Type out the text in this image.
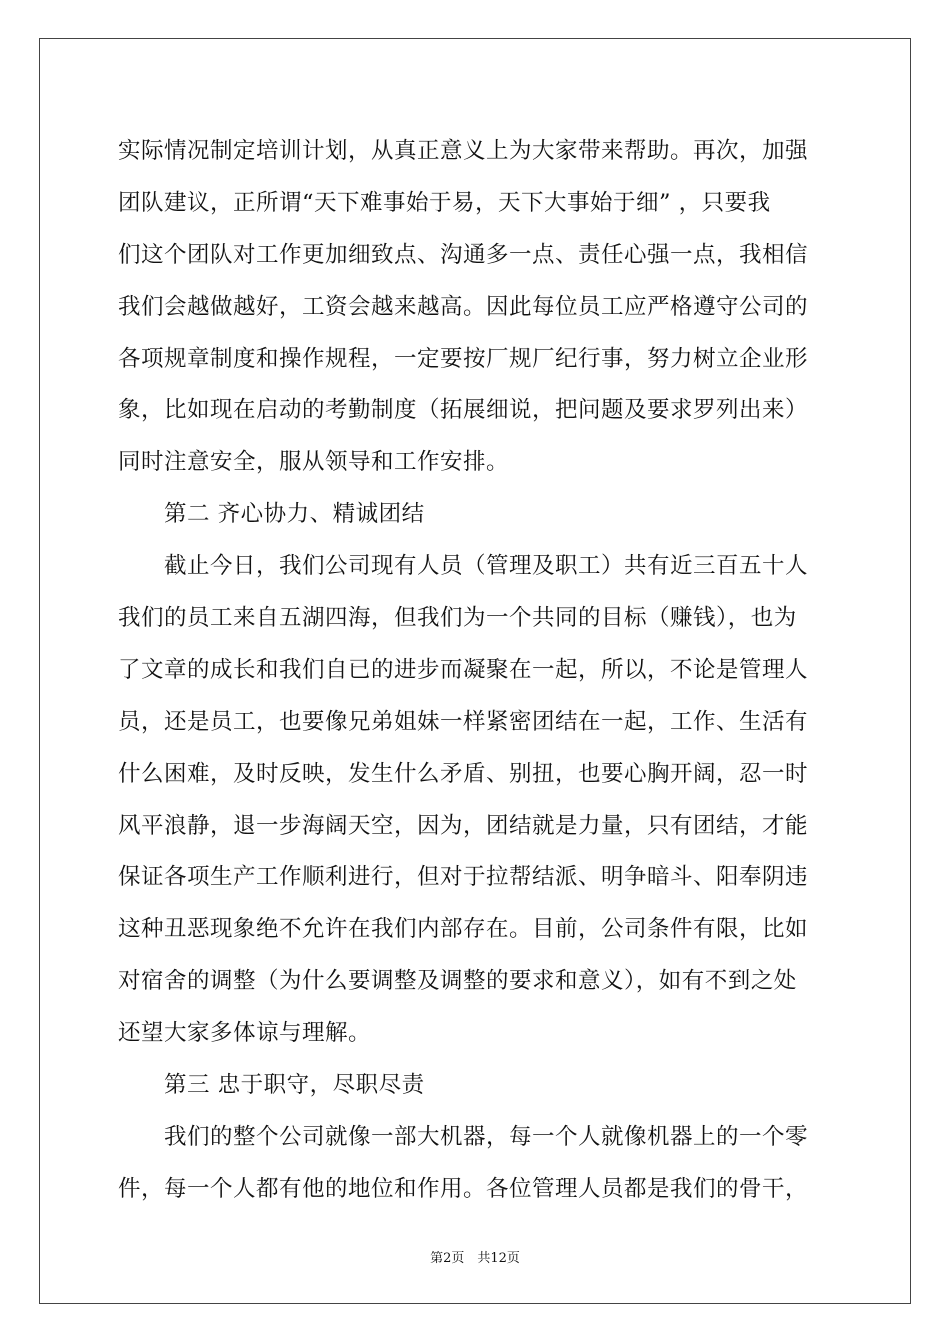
实际情况制定培训计划，从真正意义上为大家带来帮助。再次，加强
团队建议，正所谓“天下难事始于易，天下大事始于细” ，只要我
们这个团队对工作更加细致点、沟通多一点、责任心强一点，我相信
我们会越做越好，工资会越来越高。因此每位员工应严格遵守公司的
各项规章制度和操作规程，一定要按厂规厂纪行事，努力树立企业形
象，比如现在启动的考勤制度（拓展细说，把问题及要求罗列出来）
同时注意安全，服从领导和工作安排。
第二 齐心协力、精诚团结
截止今日，我们公司现有人员（管理及职工）共有近三百五十人
我们的员工来自五湖四海，但我们为一个共同的目标（赚钱），也为
了文章的成长和我们自已的进步而凝聚在一起，所以，不论是管理人
员，还是员工，也要像兄弟姐妹一样紧密团结在一起，工作、生活有
什么困难，及时反映，发生什么矛盾、别扭，也要心胸开阔，忍一时
风平浪静，退一步海阔天空，因为，团结就是力量，只有团结，才能
保证各项生产工作顺利进行，但对于拉帮结派、明争暗斗、阳奉阴违
这种丑恶现象绝不允许在我们内部存在。目前，公司条件有限，比如
对宿舍的调整（为什么要调整及调整的要求和意义），如有不到之处
还望大家多体谅与理解。
第三 忠于职守，尽职尽责
我们的整个公司就像一部大机器，每一个人就像机器上的一个零
件，每一个人都有他的地位和作用。各位管理人员都是我们的骨干，
第2页　共12页
